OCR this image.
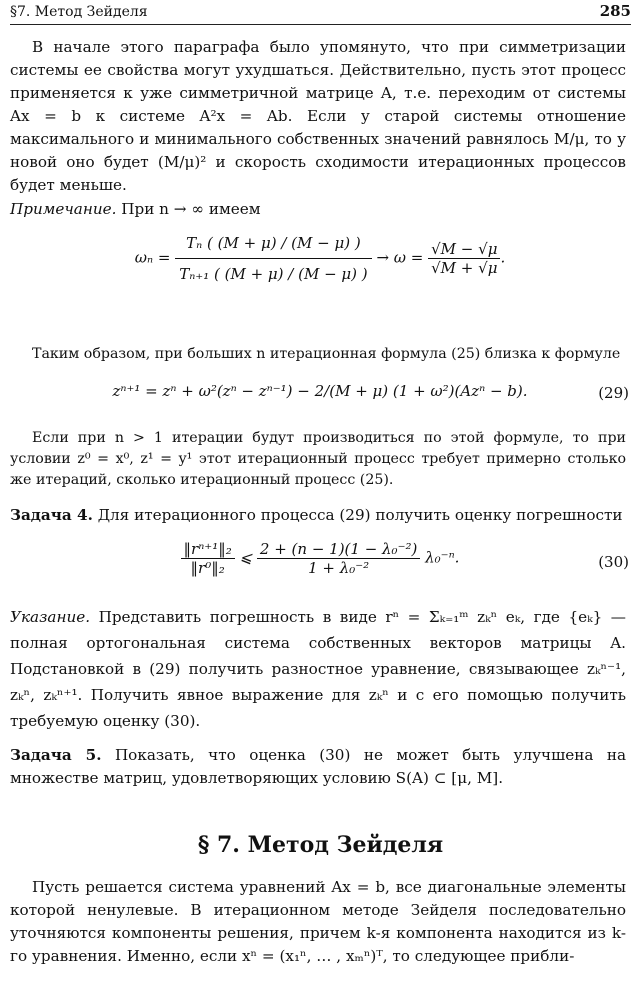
§7. Метод Зейделя	285
В начале этого параграфа было упомянуто, что при симметризации системы ее свойства могут ухудшаться. Действительно, пусть этот процесс применяется к уже симметричной матрице A, т.е. переходим от системы Ax = b к системе A²x = Ab. Если у старой системы отношение максимального и минимального собственных значений равнялось M/μ, то у новой оно будет (M/μ)² и скорость сходимости итерационных процессов будет меньше.
Примечание. При n → ∞ имеем
$\omega_n = \frac{\text{Tₙ ( (M + μ) / (M − μ) )}}{\text{Tₙ₊₁ ( (M + μ) / (M − μ) )}} \to \omega = \frac{√M - √\mu}{√M + √\mu}$ .
Таким образом, при больших n итерационная формула (25) близка к формуле
zⁿ⁺¹ = zⁿ + ω²(zⁿ − zⁿ⁻¹) − 2/(M + μ) (1 + ω²)(Azⁿ − b).	(29)
Если при n > 1 итерации будут производиться по этой формуле, то при условии z⁰ = x⁰, z¹ = y¹ этот итерационный процесс требует примерно столько же итераций, сколько итерационный процесс (25).
Задача 4. Для итерационного процесса (29) получить оценку погрешности
$\frac{\text{‖rⁿ⁺¹‖₂}}{\text{‖r⁰‖₂}}$ ⩽ $\frac{\text{2 + (n − 1)(1 − λ₀⁻²)}}{\text{1 + λ₀⁻²}} \lambda_0^{-n}$.	(30)
Указание. Представить погрешность в виде rⁿ = Σₖ₌₁ᵐ zₖⁿ eₖ, где {eₖ} — полная ортогональная система собственных векторов матрицы A. Подстановкой в (29) получить разностное уравнение, связывающее zₖⁿ⁻¹, zₖⁿ, zₖⁿ⁺¹. Получить явное выражение для zₖⁿ и с его помощью получить требуемую оценку (30).
Задача 5. Показать, что оценка (30) не может быть улучшена на множестве матриц, удовлетворяющих условию S(A) ⊂ [μ, M].
§ 7. Метод Зейделя
Пусть решается система уравнений Ax = b, все диагональные элементы которой ненулевые. В итерационном методе Зейделя последовательно уточняются компоненты решения, причем k-я компонента находится из k-го уравнения. Именно, если xⁿ = (x₁ⁿ, … , xₘⁿ)ᵀ, то следующее прибли-
